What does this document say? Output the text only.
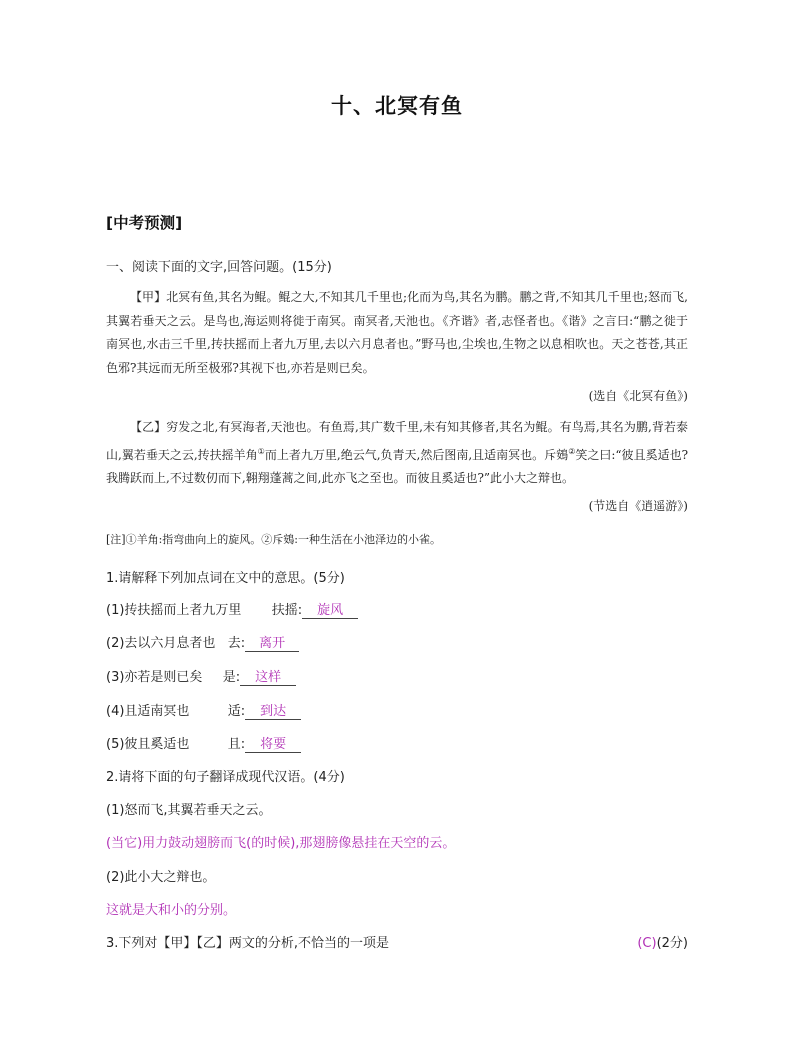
十、北冥有鱼
[中考预测]
一、阅读下面的文字,回答问题。(15分)
【甲】北冥有鱼,其名为鲲。鲲之大,不知其几千里也;化而为鸟,其名为鹏。鹏之背,不知其几千里也;怒而飞,其翼若垂天之云。是鸟也,海运则将徙于南冥。南冥者,天池也。《齐谐》者,志怪者也。《谐》之言曰:“鹏之徙于南冥也,水击三千里,抟扶摇而上者九万里,去以六月息者也。”野马也,尘埃也,生物之以息相吹也。天之苍苍,其正色邪?其远而无所至极邪?其视下也,亦若是则已矣。
(选自《北冥有鱼》)
【乙】穷发之北,有冥海者,天池也。有鱼焉,其广数千里,未有知其修者,其名为鲲。有鸟焉,其名为鹏,背若泰山,翼若垂天之云,抟扶摇羊角①而上者九万里,绝云气,负青天,然后图南,且适南冥也。斥鴳②笑之曰:“彼且奚适也?我腾跃而上,不过数仞而下,翱翔蓬蒿之间,此亦飞之至也。而彼且奚适也?”此小大之辩也。
(节选自《逍遥游》)
[注]①羊角:指弯曲向上的旋风。②斥鴳:一种生活在小池泽边的小雀。
1.请解释下列加点词在文中的意思。(5分)
(1)抟扶摇而上者九万里 扶摇: 旋风
(2)去以六月息者也 去: 离开
(3)亦若是则已矣 是: 这样
(4)且适南冥也	适: 到达
(5)彼且奚适也	且: 将要
2.请将下面的句子翻译成现代汉语。(4分)
(1)怒而飞,其翼若垂天之云。
(当它)用力鼓动翅膀而飞(的时候),那翅膀像悬挂在天空的云。
(2)此小大之辩也。
这就是大和小的分别。
3.下列对【甲】【乙】两文的分析,不恰当的一项是	(C)(2分)
